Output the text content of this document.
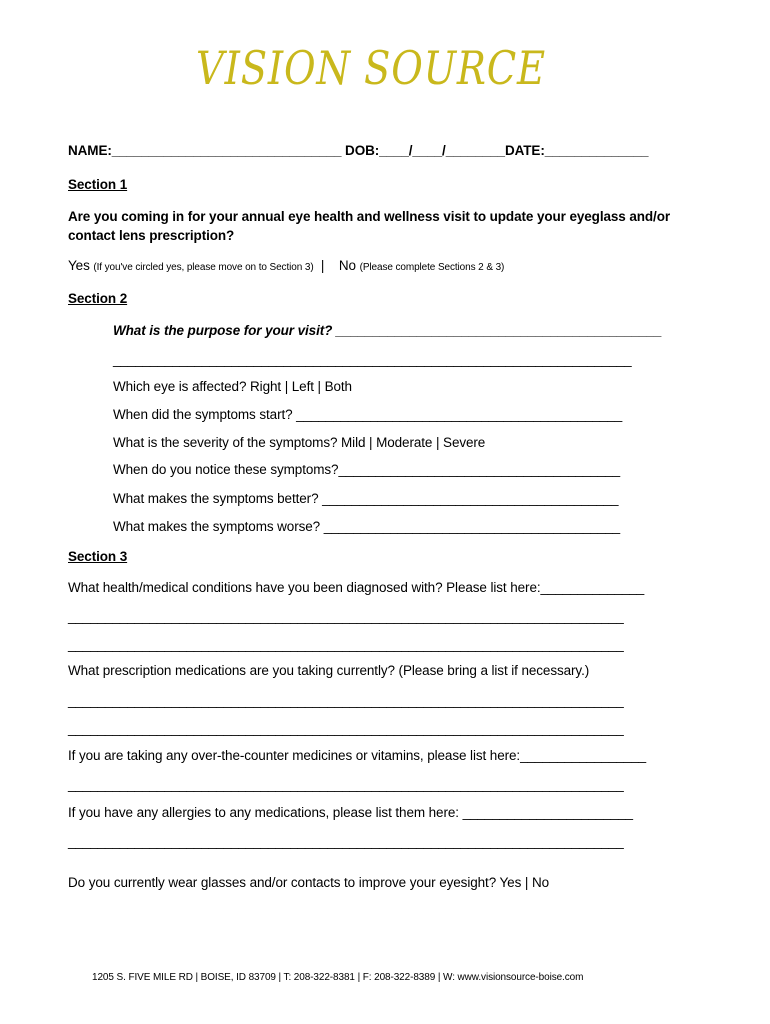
VISION SOURCE
NAME:_______________________________ DOB:____/____/________DATE:______________
Section 1
Are you coming in for your annual eye health and wellness visit to update your eyeglass and/or
contact lens prescription?
Yes (If you've circled yes, please move on to Section 3) | No (Please complete Sections 2 & 3)
Section 2
What is the purpose for your visit? ____________________________________________
______________________________________________________________________
Which eye is affected? Right | Left | Both
When did the symptoms start? ____________________________________________
What is the severity of the symptoms? Mild | Moderate | Severe
When do you notice these symptoms?______________________________________
What makes the symptoms better? ________________________________________
What makes the symptoms worse? ________________________________________
Section 3
What health/medical conditions have you been diagnosed with? Please list here:______________
___________________________________________________________________________
___________________________________________________________________________
What prescription medications are you taking currently? (Please bring a list if necessary.)
___________________________________________________________________________
___________________________________________________________________________
If you are taking any over-the-counter medicines or vitamins, please list here:_________________
___________________________________________________________________________
If you have any allergies to any medications, please list them here: _______________________
___________________________________________________________________________
Do you currently wear glasses and/or contacts to improve your eyesight? Yes | No
1205 S. FIVE MILE RD | BOISE, ID 83709 | T: 208-322-8381 | F: 208-322-8389 | W: www.visionsource-boise.com
